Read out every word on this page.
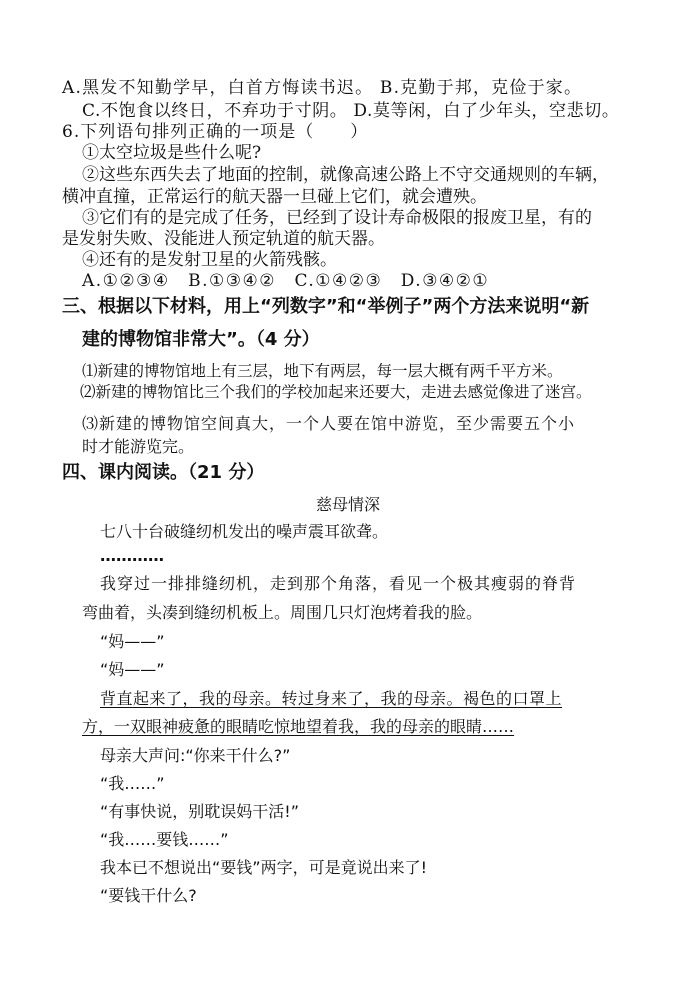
A.黑发不知勤学早，白首方悔读书迟。 B.克勤于邦，克俭于家。
C.不饱食以终日，不弃功于寸阴。 D.莫等闲，白了少年头，空悲切。
6.下列语句排列正确的一项是（　　）
①太空垃圾是些什么呢?
②这些东西失去了地面的控制，就像高速公路上不守交通规则的车辆，
横冲直撞，正常运行的航天器一旦碰上它们，就会遭殃。
③它们有的是完成了任务，已经到了设计寿命极限的报废卫星，有的
是发射失败、没能进人预定轨道的航天器。
④还有的是发射卫星的火箭残骸。
A.①②③④　B.①③④②　C.①④②③　D.③④②①
三、根据以下材料，用上“列数字”和“举例子”两个方法来说明“新
建的博物馆非常大”。（4 分）
⑴新建的博物馆地上有三层，地下有两层，每一层大概有两千平方米。
⑵新建的博物馆比三个我们的学校加起来还要大，走进去感觉像进了迷宫。
⑶新建的博物馆空间真大，一个人要在馆中游览，至少需要五个小
时才能游览完。
四、课内阅读。（21 分）
慈母情深
七八十台破缝纫机发出的噪声震耳欲聋。
…………
我穿过一排排缝纫机，走到那个角落，看见一个极其瘦弱的脊背
弯曲着，头凑到缝纫机板上。周围几只灯泡烤着我的脸。
“妈——”
“妈——”
背直起来了，我的母亲。转过身来了，我的母亲。褐色的口罩上
方，一双眼神疲惫的眼睛吃惊地望着我，我的母亲的眼睛……
母亲大声问:“你来干什么?”
“我……”
“有事快说，别耽误妈干活!”
“我……要钱……”
我本已不想说出“要钱”两字，可是竟说出来了!
“要钱干什么?
